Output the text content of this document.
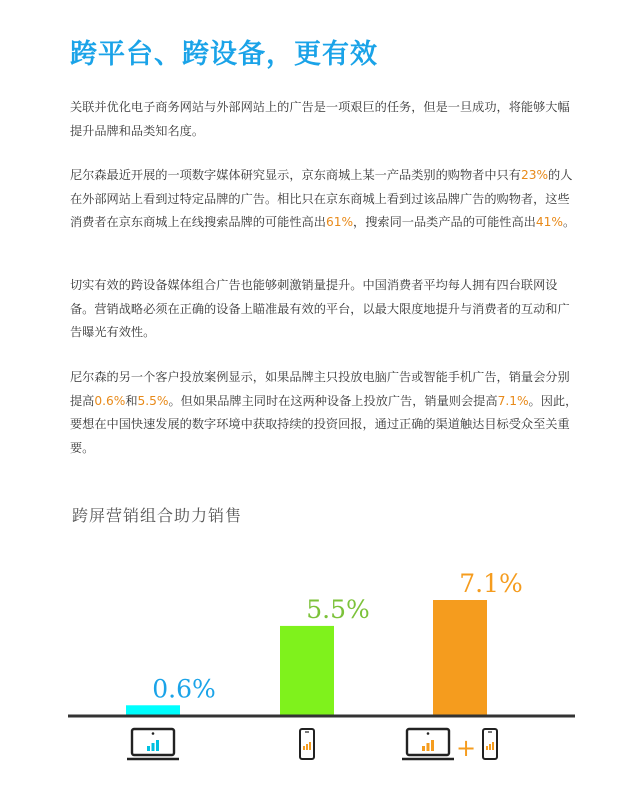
跨平台、跨设备，更有效

关联并优化电子商务网站与外部网站上的广告是一项艰巨的任务，但是一旦成功，将能够大幅提升品牌和品类知名度。

尼尔森最近开展的一项数字媒体研究显示，京东商城上某一产品类别的购物者中只有23%的人在外部网站上看到过特定品牌的广告。相比只在京东商城上看到过该品牌广告的购物者，这些消费者在京东商城上在线搜索品牌的可能性高出61%，搜索同一品类产品的可能性高出41%。

切实有效的跨设备媒体组合广告也能够刺激销量提升。中国消费者平均每人拥有四台联网设备。营销战略必须在正确的设备上瞄准最有效的平台，以最大限度地提升与消费者的互动和广告曝光有效性。

尼尔森的另一个客户投放案例显示，如果品牌主只投放电脑广告或智能手机广告，销量会分别提高0.6%和5.5%。但如果品牌主同时在这两种设备上投放广告，销量则会提高7.1%。因此，要想在中国快速发展的数字环境中获取持续的投资回报，通过正确的渠道触达目标受众至关重要。

跨屏营销组合助力销售
0.6%
5.5%
7.1%
+
